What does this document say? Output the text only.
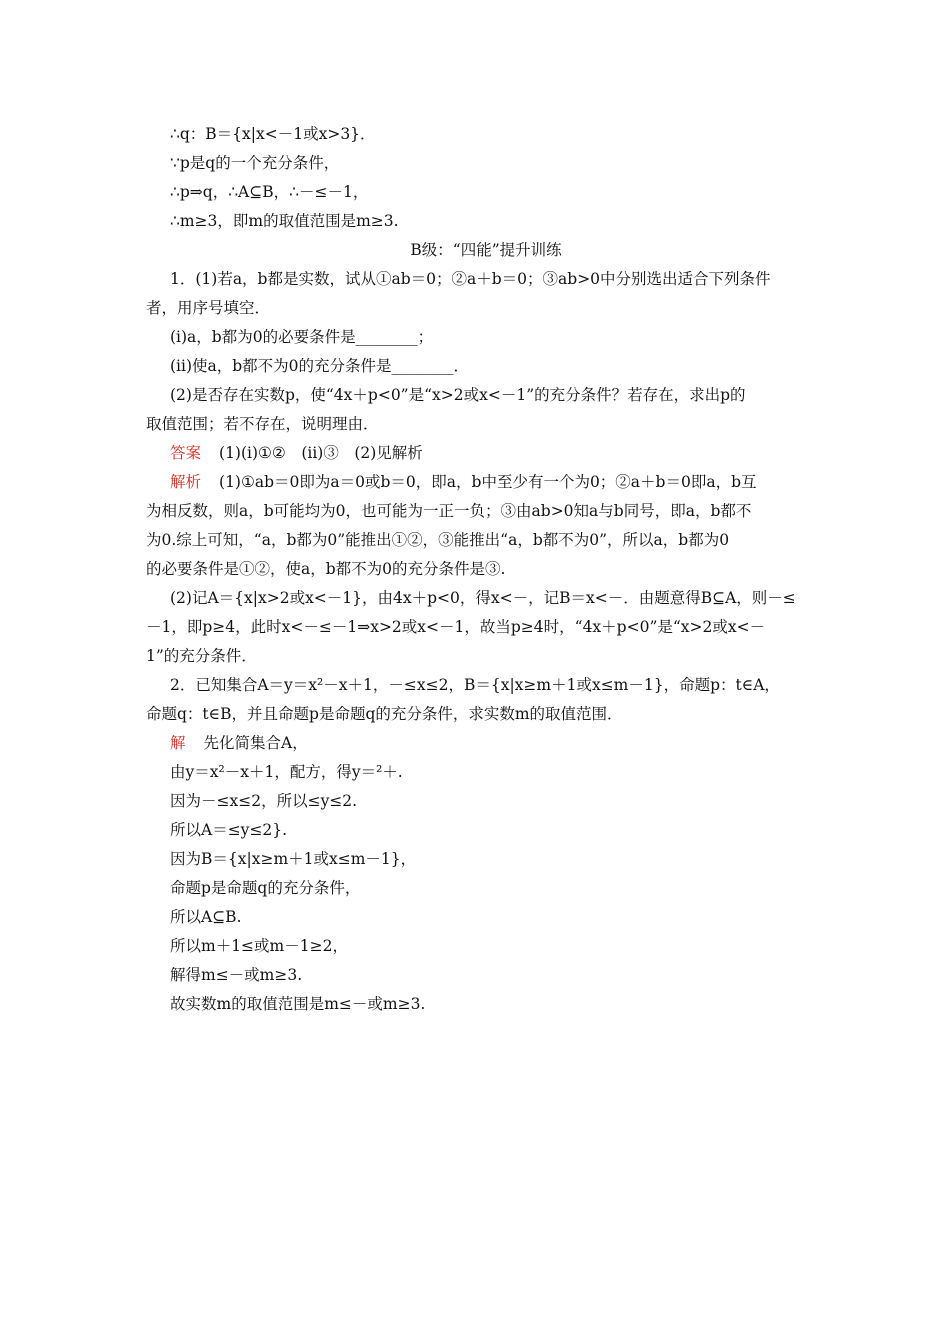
∴q：B＝{x|x<－1或x>3}．
∵p是q的一个充分条件，
∴p⇒q，∴A⊆B，∴－≤－1，
∴m≥3，即m的取值范围是m≥3.
B级：“四能”提升训练
1．(1)若a，b都是实数，试从①ab＝0；②a＋b＝0；③ab>0中分别选出适合下列条件
者，用序号填空．
(ⅰ)a，b都为0的必要条件是________；
(ⅱ)使a，b都不为0的充分条件是________．
(2)是否存在实数p，使“4x＋p<0”是“x>2或x<－1”的充分条件？若存在，求出p的
取值范围；若不存在，说明理由．
答案 (1)(ⅰ)①②　(ⅱ)③　(2)见解析
解析 (1)①ab＝0即为a＝0或b＝0，即a，b中至少有一个为0；②a＋b＝0即a，b互
为相反数，则a，b可能均为0，也可能为一正一负；③由ab>0知a与b同号，即a，b都不
为0.综上可知，“a，b都为0”能推出①②，③能推出“a，b都不为0”，所以a，b都为0
的必要条件是①②，使a，b都不为0的充分条件是③.
(2)记A＝{x|x>2或x<－1}，由4x＋p<0，得x<－，记B＝x<－．由题意得B⊆A，则－≤
－1，即p≥4，此时x<－≤－1⇒x>2或x<－1，故当p≥4时，“4x＋p<0”是“x>2或x<－
1”的充分条件．
2．已知集合A＝y＝x²－x＋1，－≤x≤2，B＝{x|x≥m＋1或x≤m－1}，命题p：t∈A，
命题q：t∈B，并且命题p是命题q的充分条件，求实数m的取值范围．
解 先化简集合A，
由y＝x²－x＋1，配方，得y＝²＋.
因为－≤x≤2，所以≤y≤2.
所以A＝≤y≤2}.
因为B＝{x|x≥m＋1或x≤m－1}，
命题p是命题q的充分条件，
所以A⊆B.
所以m＋1≤或m－1≥2，
解得m≤－或m≥3.
故实数m的取值范围是m≤－或m≥3.
